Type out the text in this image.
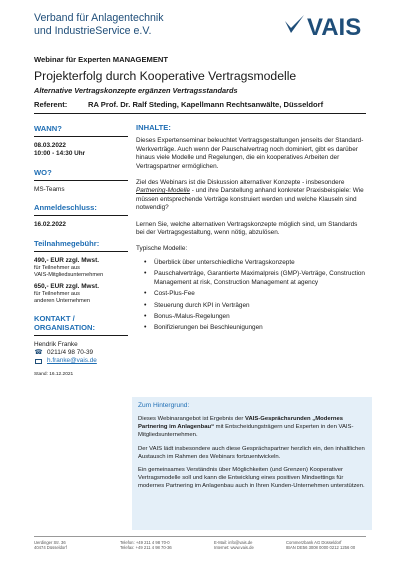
Verband für Anlagentechnik
und IndustrieService e.V.	VAIS
Webinar für Experten MANAGEMENT
Projekterfolg durch Kooperative Vertragsmodelle
Alternative Vertragskonzepte ergänzen Vertragsstandards
Referent:	RA Prof. Dr. Ralf Steding, Kapellmann Rechtsanwälte, Düsseldorf
WANN?
08.03.2022
10:00 - 14:30 Uhr
WO?
MS-Teams
Anmeldeschluss:
16.02.2022
Teilnahmegebühr:
490,- EUR zzgl. Mwst.
für Teilnehmer aus
VAIS-Mitgliedsunternehmen
650,- EUR zzgl. Mwst.
für Teilnehmer aus
anderen Unternehmen
KONTAKT /
ORGANISATION:
Hendrik Franke
☎ 0211/4 98 70-39
h.franke@vais.de
Stand: 16.12.2021
INHALTE:

Dieses Expertenseminar beleuchtet Vertragsgestaltungen jenseits der Standard-Werkverträge. Auch wenn der Pauschalvertrag noch dominiert, gibt es darüber hinaus viele Modelle und Regelungen, die ein kooperatives Arbeiten der Vertragspartner ermöglichen.

Ziel des Webinars ist die Diskussion alternativer Konzepte - insbesondere Partnering-Modelle - und ihre Darstellung anhand konkreter Praxisbeispiele: Wie müssen entsprechende Verträge konstruiert werden und welche Klauseln sind notwendig?

Lernen Sie, welche alternativen Vertragskonzepte möglich sind, um Standards bei der Vertragsgestaltung, wenn nötig, abzulösen.

Typische Modelle:
• Überblick über unterschiedliche Vertragskonzepte
• Pauschalverträge, Garantierte Maximalpreis (GMP)-Verträge, Construction Management at risk, Construction Management at agency
• Cost-Plus-Fee
• Steuerung durch KPI in Verträgen
• Bonus-/Malus-Regelungen
• Bonifizierungen bei Beschleunigungen
Zum Hintergrund:

Dieses Webinarangebot ist Ergebnis der VAIS-Gesprächsrunden „Modernes Partnering im Anlagenbau“ mit Entscheidungsträgern und Experten in den VAIS-Mitgliedsunternehmen.

Der VAIS lädt insbesondere auch diese Gesprächspartner herzlich ein, den inhaltlichen Austausch im Rahmen des Webinars fortzuentwickeln.

Ein gemeinsames Verständnis über Möglichkeiten (und Grenzen) Kooperativer Vertragsmodelle soll und kann die Entwicklung eines positiven Mindsettings für modernes Partnering im Anlagenbau auch in Ihren Kunden-Unternehmen unterstützen.

Uerdinger Str. 36
40474 Düsseldorf
Telefon: +49 211 4 98 70-0
Telefax: +49 211 4 98 70-36
E-Mail: info@vais.de
Internet: www.vais.de
Commerzbank AG Düsseldorf
IBAN DE56 3008 0000 0212 1256 00
